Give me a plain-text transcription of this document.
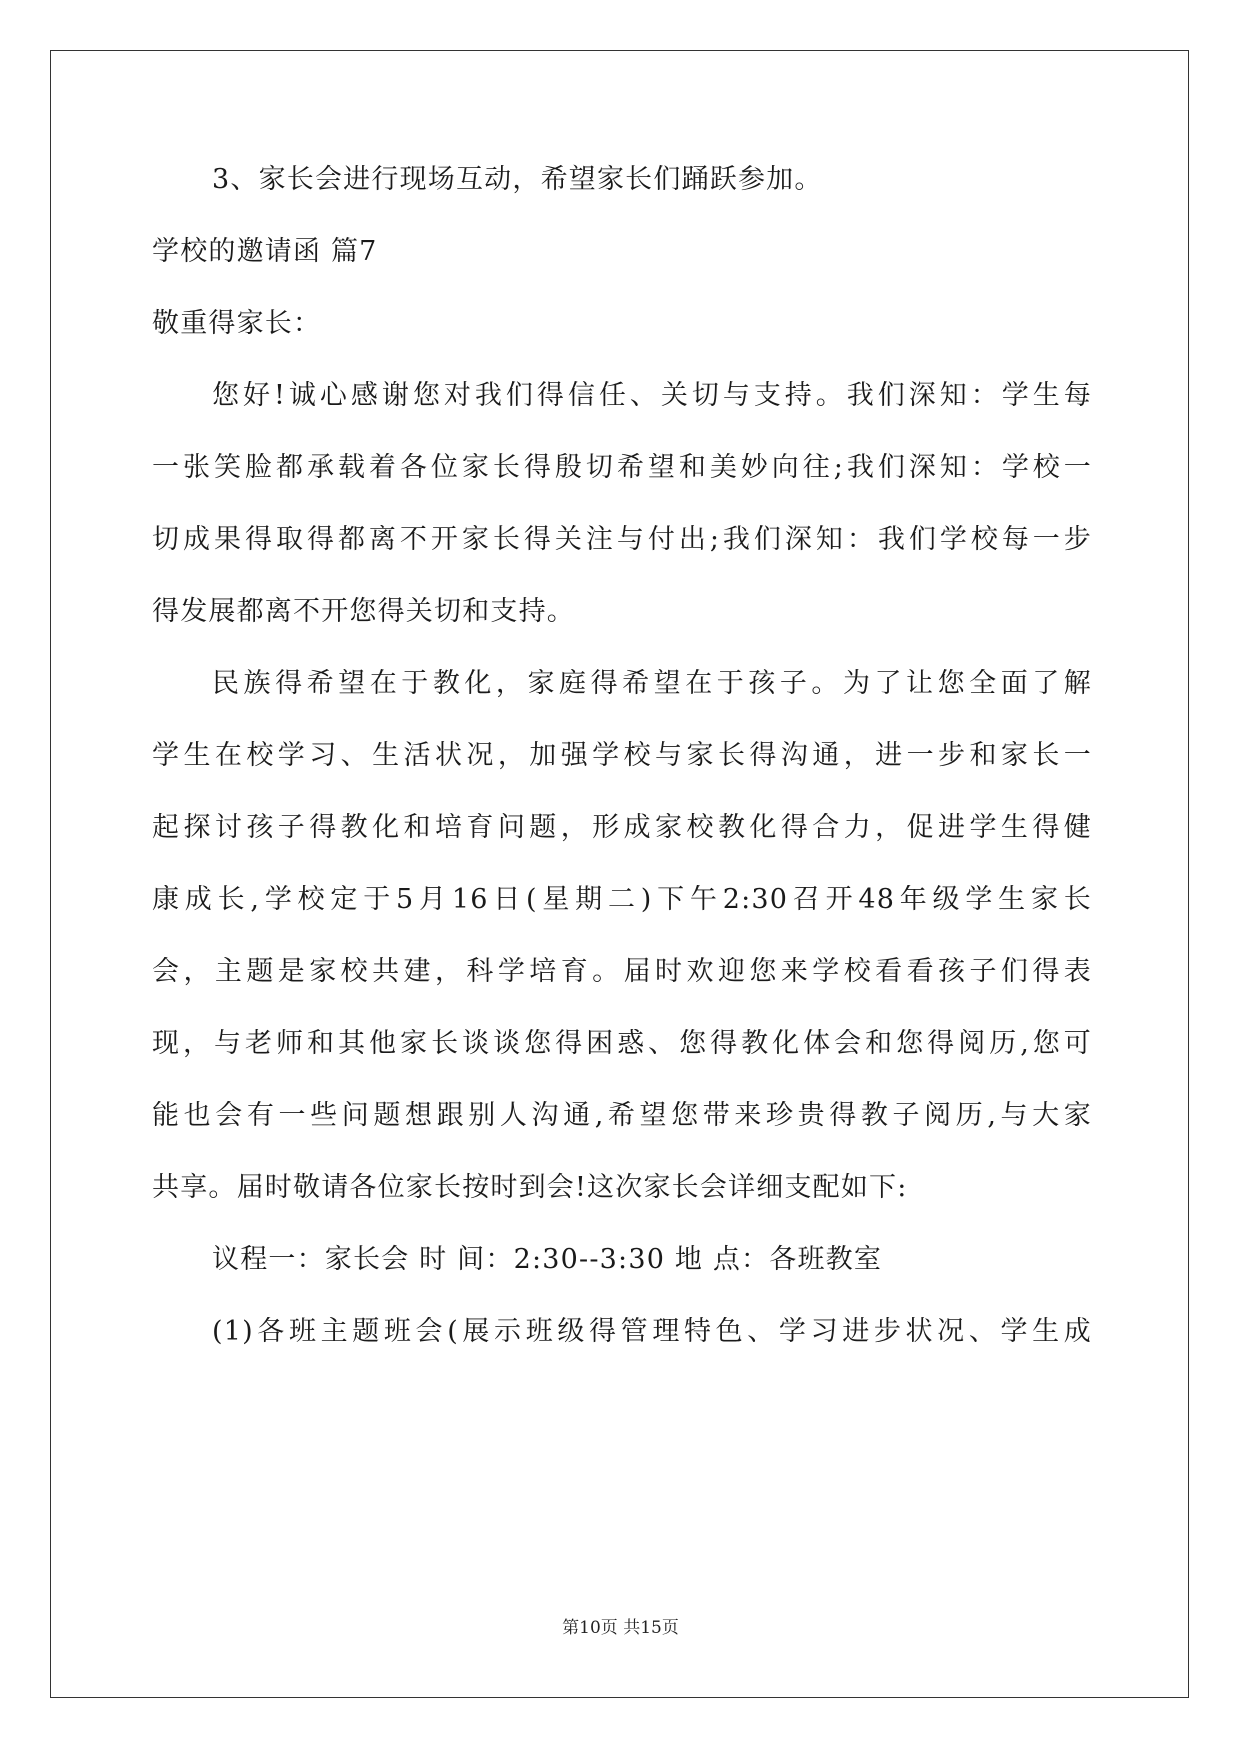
3、家长会进行现场互动，希望家长们踊跃参加。
学校的邀请函 篇7
敬重得家长：
您好!诚心感谢您对我们得信任、关切与支持。我们深知：学生每
一张笑脸都承载着各位家长得殷切希望和美妙向往;我们深知：学校一
切成果得取得都离不开家长得关注与付出;我们深知：我们学校每一步
得发展都离不开您得关切和支持。
民族得希望在于教化，家庭得希望在于孩子。为了让您全面了解
学生在校学习、生活状况，加强学校与家长得沟通，进一步和家长一
起探讨孩子得教化和培育问题，形成家校教化得合力，促进学生得健
康成长,学校定于5月16日(星期二)下午2:30召开48年级学生家长
会，主题是家校共建，科学培育。届时欢迎您来学校看看孩子们得表
现，与老师和其他家长谈谈您得困惑、您得教化体会和您得阅历,您可
能也会有一些问题想跟别人沟通,希望您带来珍贵得教子阅历,与大家
共享。届时敬请各位家长按时到会!这次家长会详细支配如下:
议程一：家长会 时 间：2:30--3:30 地 点：各班教室
(1)各班主题班会(展示班级得管理特色、学习进步状况、学生成
第10页 共15页
